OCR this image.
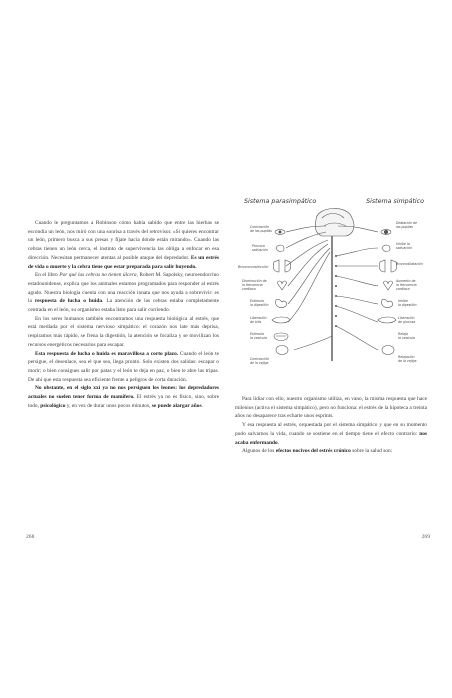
Cuando le preguntamos a Robinson cómo había sabido que entre las hierbas se escondía un león, nos miró con una sonrisa a través del retrovisor. «Si quieres encontrar un león, primero busca a sus presas y fíjate hacia dónde están mirando». Cuando las cebras tienen un león cerca, el instinto de supervivencia las obliga a enfocar en esa dirección. Necesitan permanecer atentas al posible ataque del depredador. Es un estrés de vida o muerte y la cebra tiene que estar preparada para salir huyendo.

En el libro Por qué las cebras no tienen úlcera, Robert M. Sapolsky, neuroendocrino estadounidense, explica que los animales estamos programados para responder al estrés agudo. Nuestra biología cuenta con una reacción innata que nos ayuda a sobrevivir: es la respuesta de lucha o huida. La atención de las cebras estaba completamente centrada en el león, su organismo estaba listo para salir corriendo.

En los seres humanos también encontramos una respuesta biológica al estrés, que está mediada por el sistema nervioso simpático: el corazón nos late más deprisa, respiramos más rápido, se frena la digestión, la atención se focaliza y se movilizan los recursos energéticos necesarios para escapar.

Esta respuesta de lucha o huida es maravillosa a corto plazo. Cuando el león te persigue, el desenlace, sea el que sea, llega pronto. Solo existen dos salidas: escapar o morir; o bien consigues salir por patas y el león te deja en paz, o bien te abre las tripas. De ahí que esta respuesta sea eficiente frente a peligros de corta duración.

No obstante, en el siglo xxi ya no nos persiguen los leones: los depredadores actuales no suelen tener forma de mamífero. El estrés ya no es físico, sino, sobre todo, psicológico y, en vez de durar unos pocos minutos, se puede alargar años.

268
Sistema parasimpático	Sistema simpático
Contracción
de las pupilas
Provoca
salivación
Broncoconstricción
Disminución de
la frecuencia
cardíaca
Estimula
la digestión
Liberación
de bilis
Estimula
la vesícula
Contracción
de la vejiga
Dilatación de
las pupilas
Inhibe la
salivación
Broncodilatación
Aumento de
la frecuencia
cardíaca
Inhibe
la digestión
Liberación
de glucosa
Relaja
la vesícula
Relajación
de la vejiga

Para lidiar con ello, nuestro organismo utiliza, en vano, la misma respuesta que hace milenios (activa el sistema simpático), pero no funciona: el estrés de la hipoteca a treinta años no desaparece tras echarte unos esprints.

Y esa respuesta al estrés, orquestada por el sistema simpático y que en su momento pudo salvarnos la vida, cuando se sostiene en el tiempo tiene el efecto contrario: nos acaba enfermando.

Algunos de los efectos nocivos del estrés crónico sobre la salud son:

269
